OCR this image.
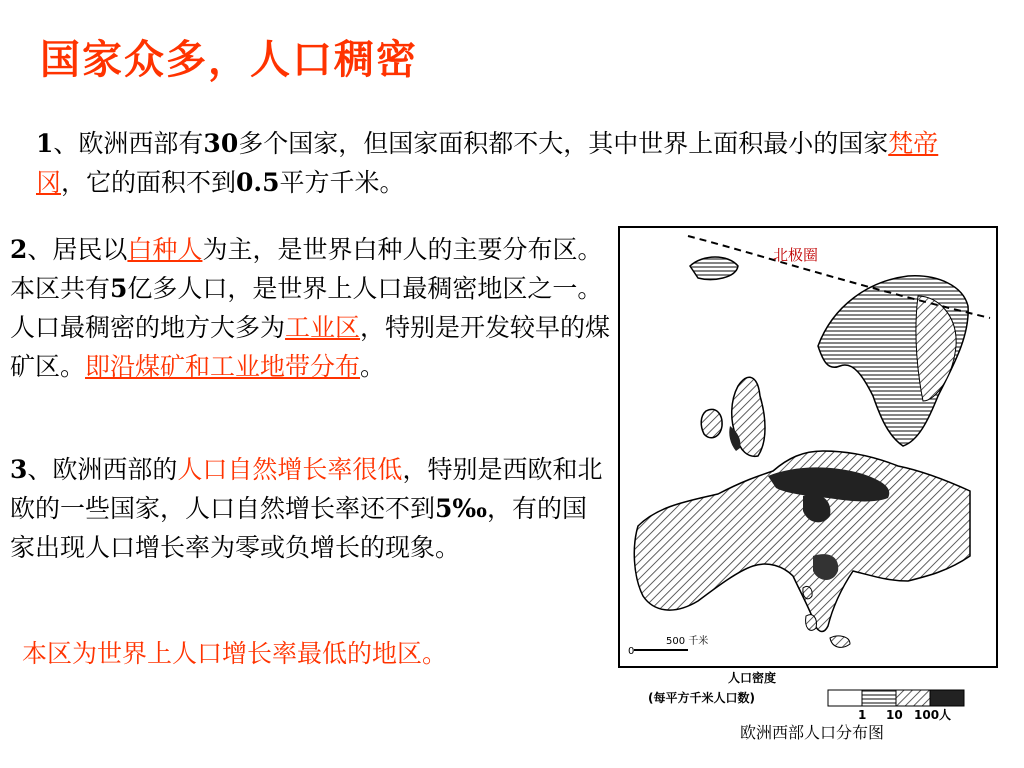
国家众多，人口稠密
1、欧洲西部有30多个国家，但国家面积都不大，其中世界上面积最小的国家梵帝冈，它的面积不到0.5平方千米。
2、居民以白种人为主，是世界白种人的主要分布区。本区共有5亿多人口，是世界上人口最稠密地区之一。人口最稠密的地方大多为工业区，特别是开发较早的煤矿区。即沿煤矿和工业地带分布。
3、欧洲西部的人口自然增长率很低，特别是西欧和北欧的一些国家，人口自然增长率还不到5‰，有的国家出现人口增长率为零或负增长的现象。
本区为世界上人口增长率最低的地区。
北极圈
0
500 千米
人口密度
(每平方千米人口数)
1 10 100人
欧洲西部人口分布图
